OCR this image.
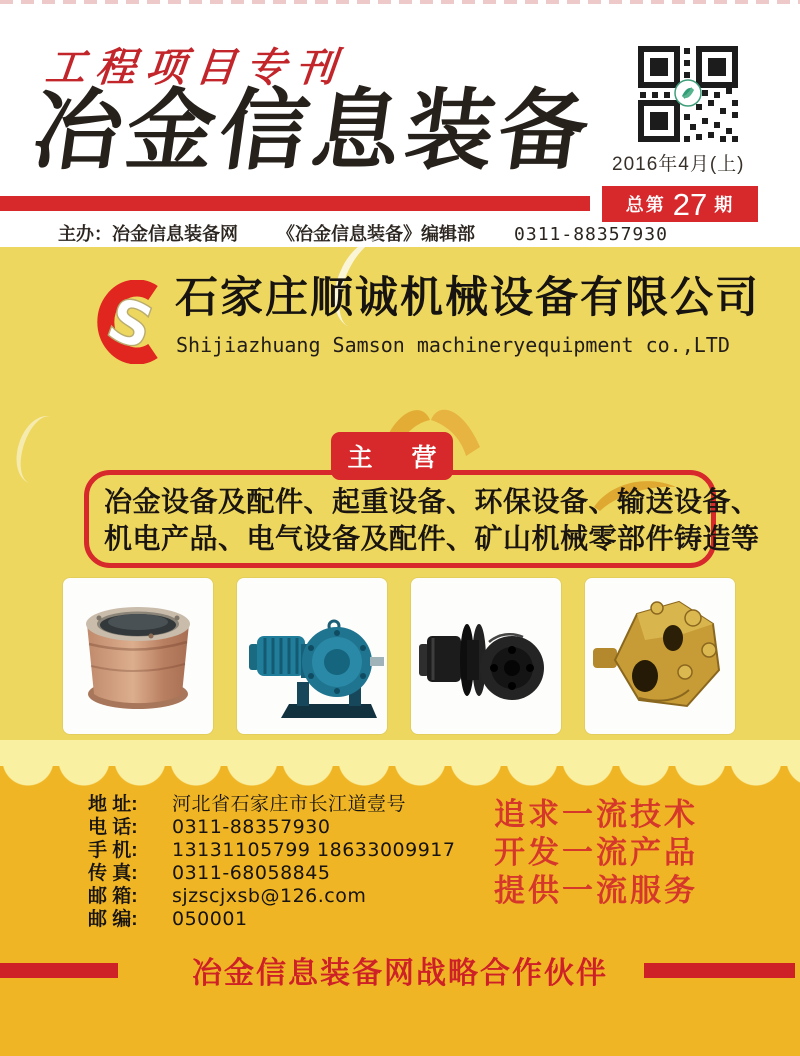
工程项目专刊
冶金信息装备
主办：冶金信息装备网 《冶金信息装备》编辑部 0311-88357930
2016年4月(上)
总第 27 期
S 石家庄顺诚机械设备有限公司
Shijiazhuang Samson machineryequipment co.,LTD
主 营
冶金设备及配件、起重设备、环保设备、输送设备、
机电产品、电气设备及配件、矿山机械零部件铸造等
地 址:	河北省石家庄市长江道壹号
电 话:	0311-88357930
手 机:	13131105799 18633009917
传 真:	0311-68058845
邮 箱:	sjzscjxsb@126.com
邮 编:	050001
追求一流技术
开发一流产品
提供一流服务
冶金信息装备网战略合作伙伴
